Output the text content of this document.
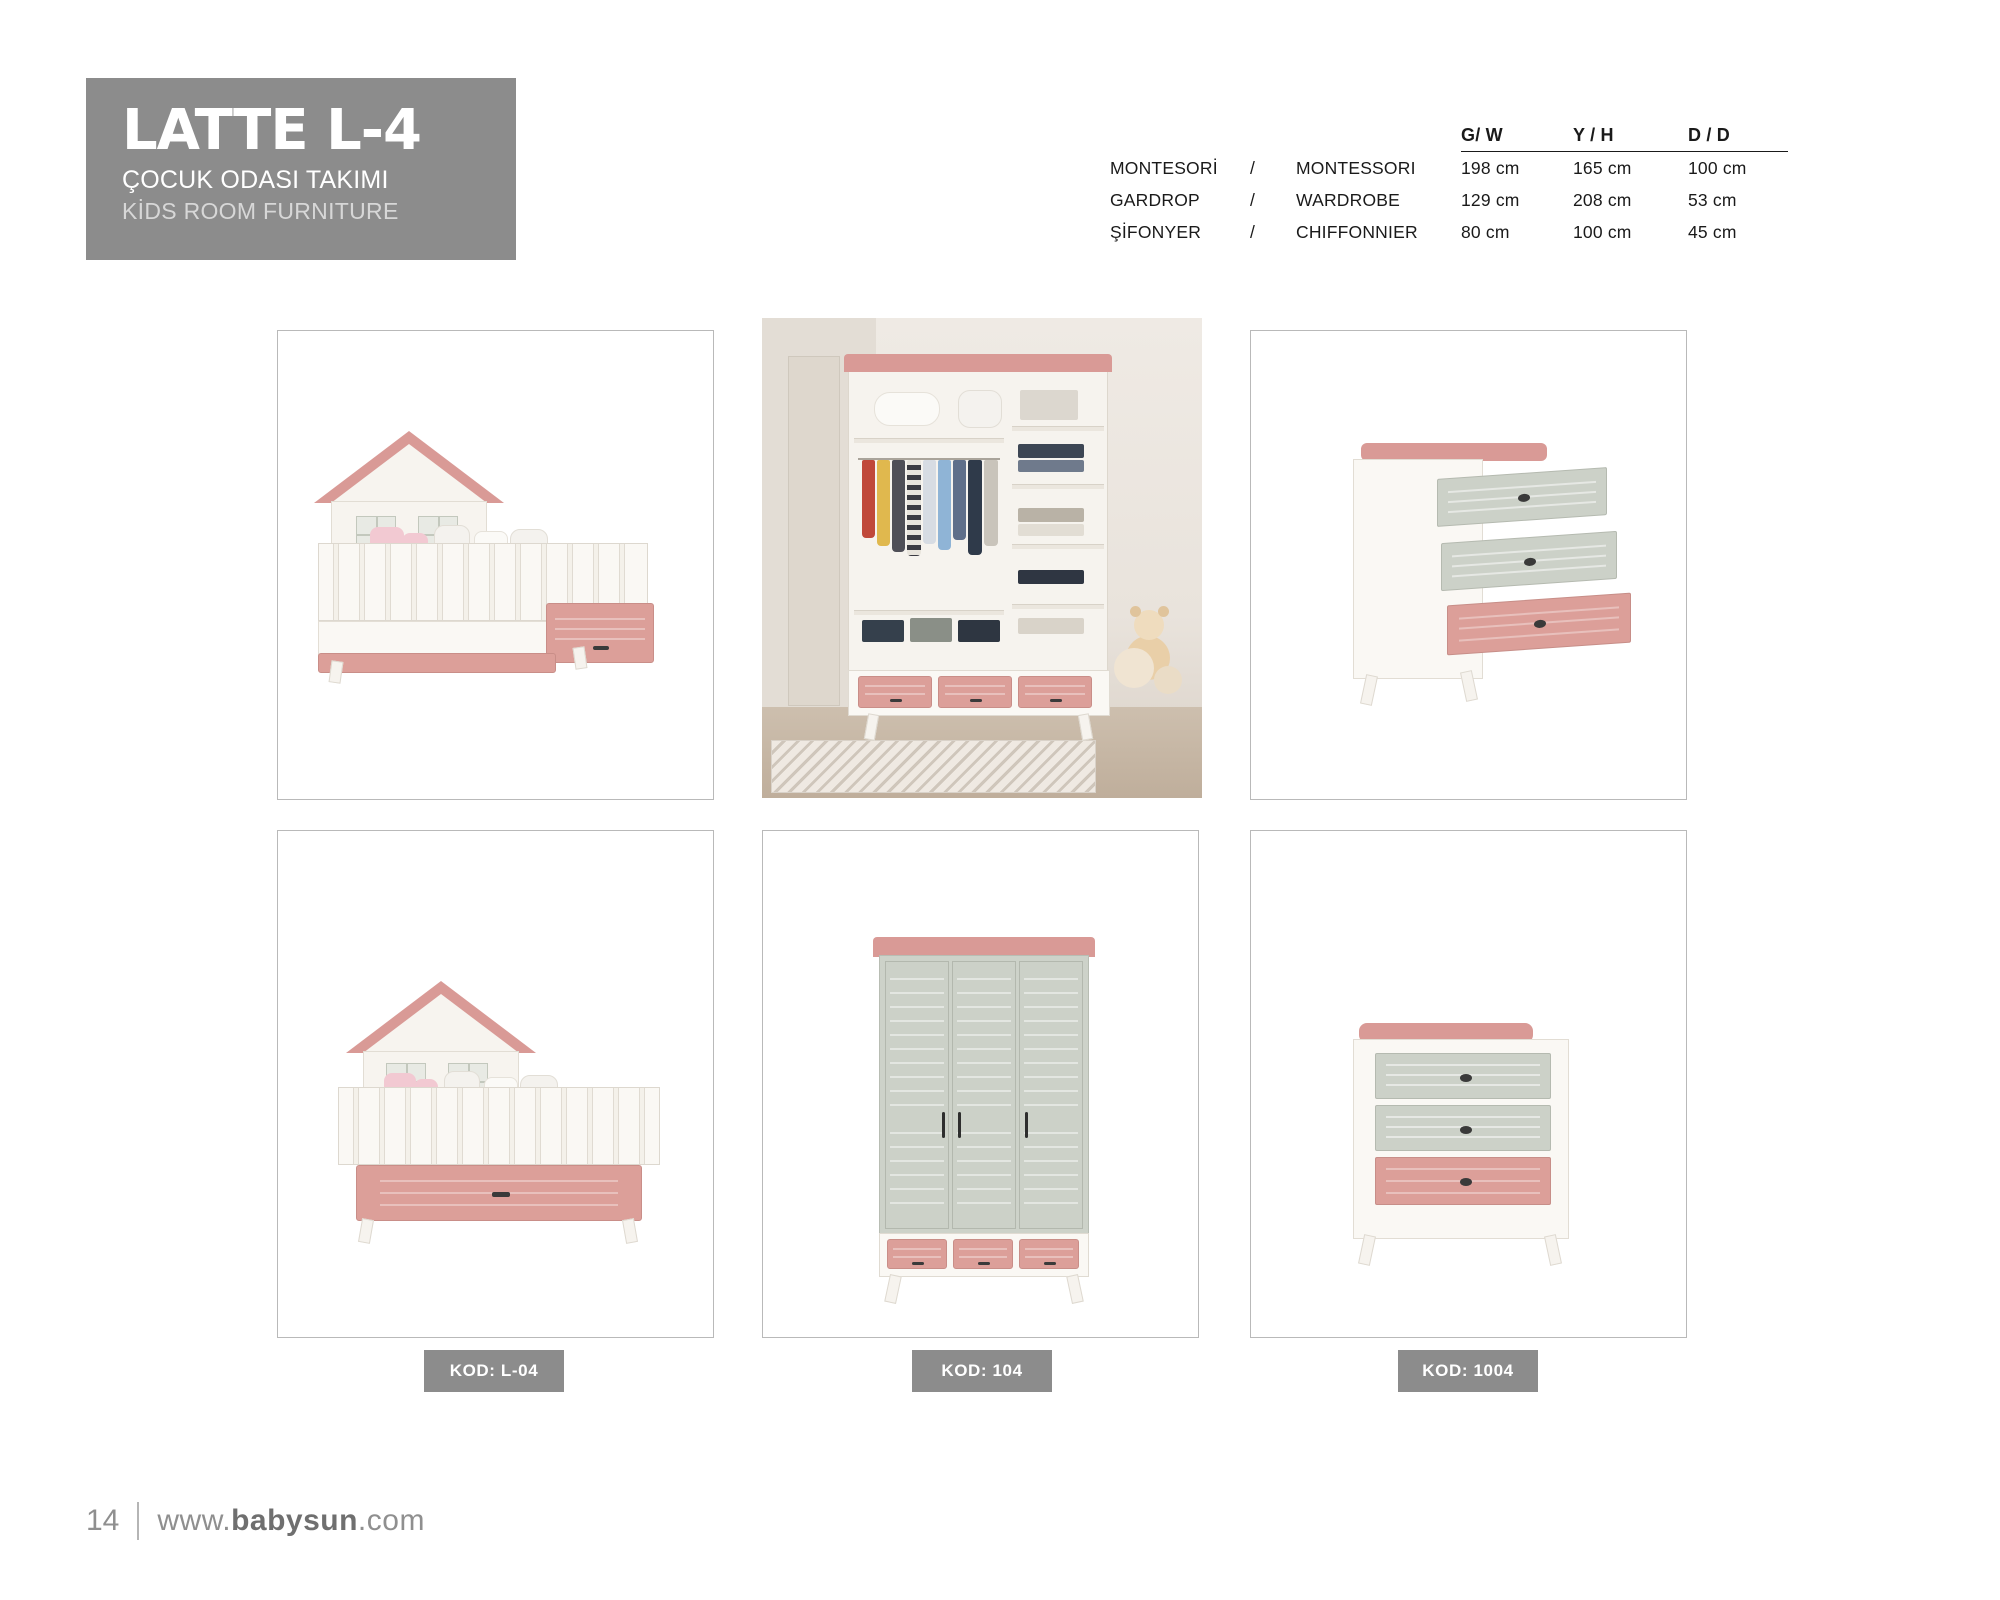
LATTE L-4
ÇOCUK ODASI TAKIMI
KİDS ROOM FURNITURE
			G/ W	Y / H	D / D
MONTESORİ	/	MONTESSORI	198 cm	165 cm	100 cm
GARDROP	/	WARDROBE	129 cm	208 cm	53 cm
ŞİFONYER	/	CHIFFONNIER	80 cm	100 cm	45 cm
KOD: L-04	KOD: 104	KOD: 1004
14 www.babysun.com
